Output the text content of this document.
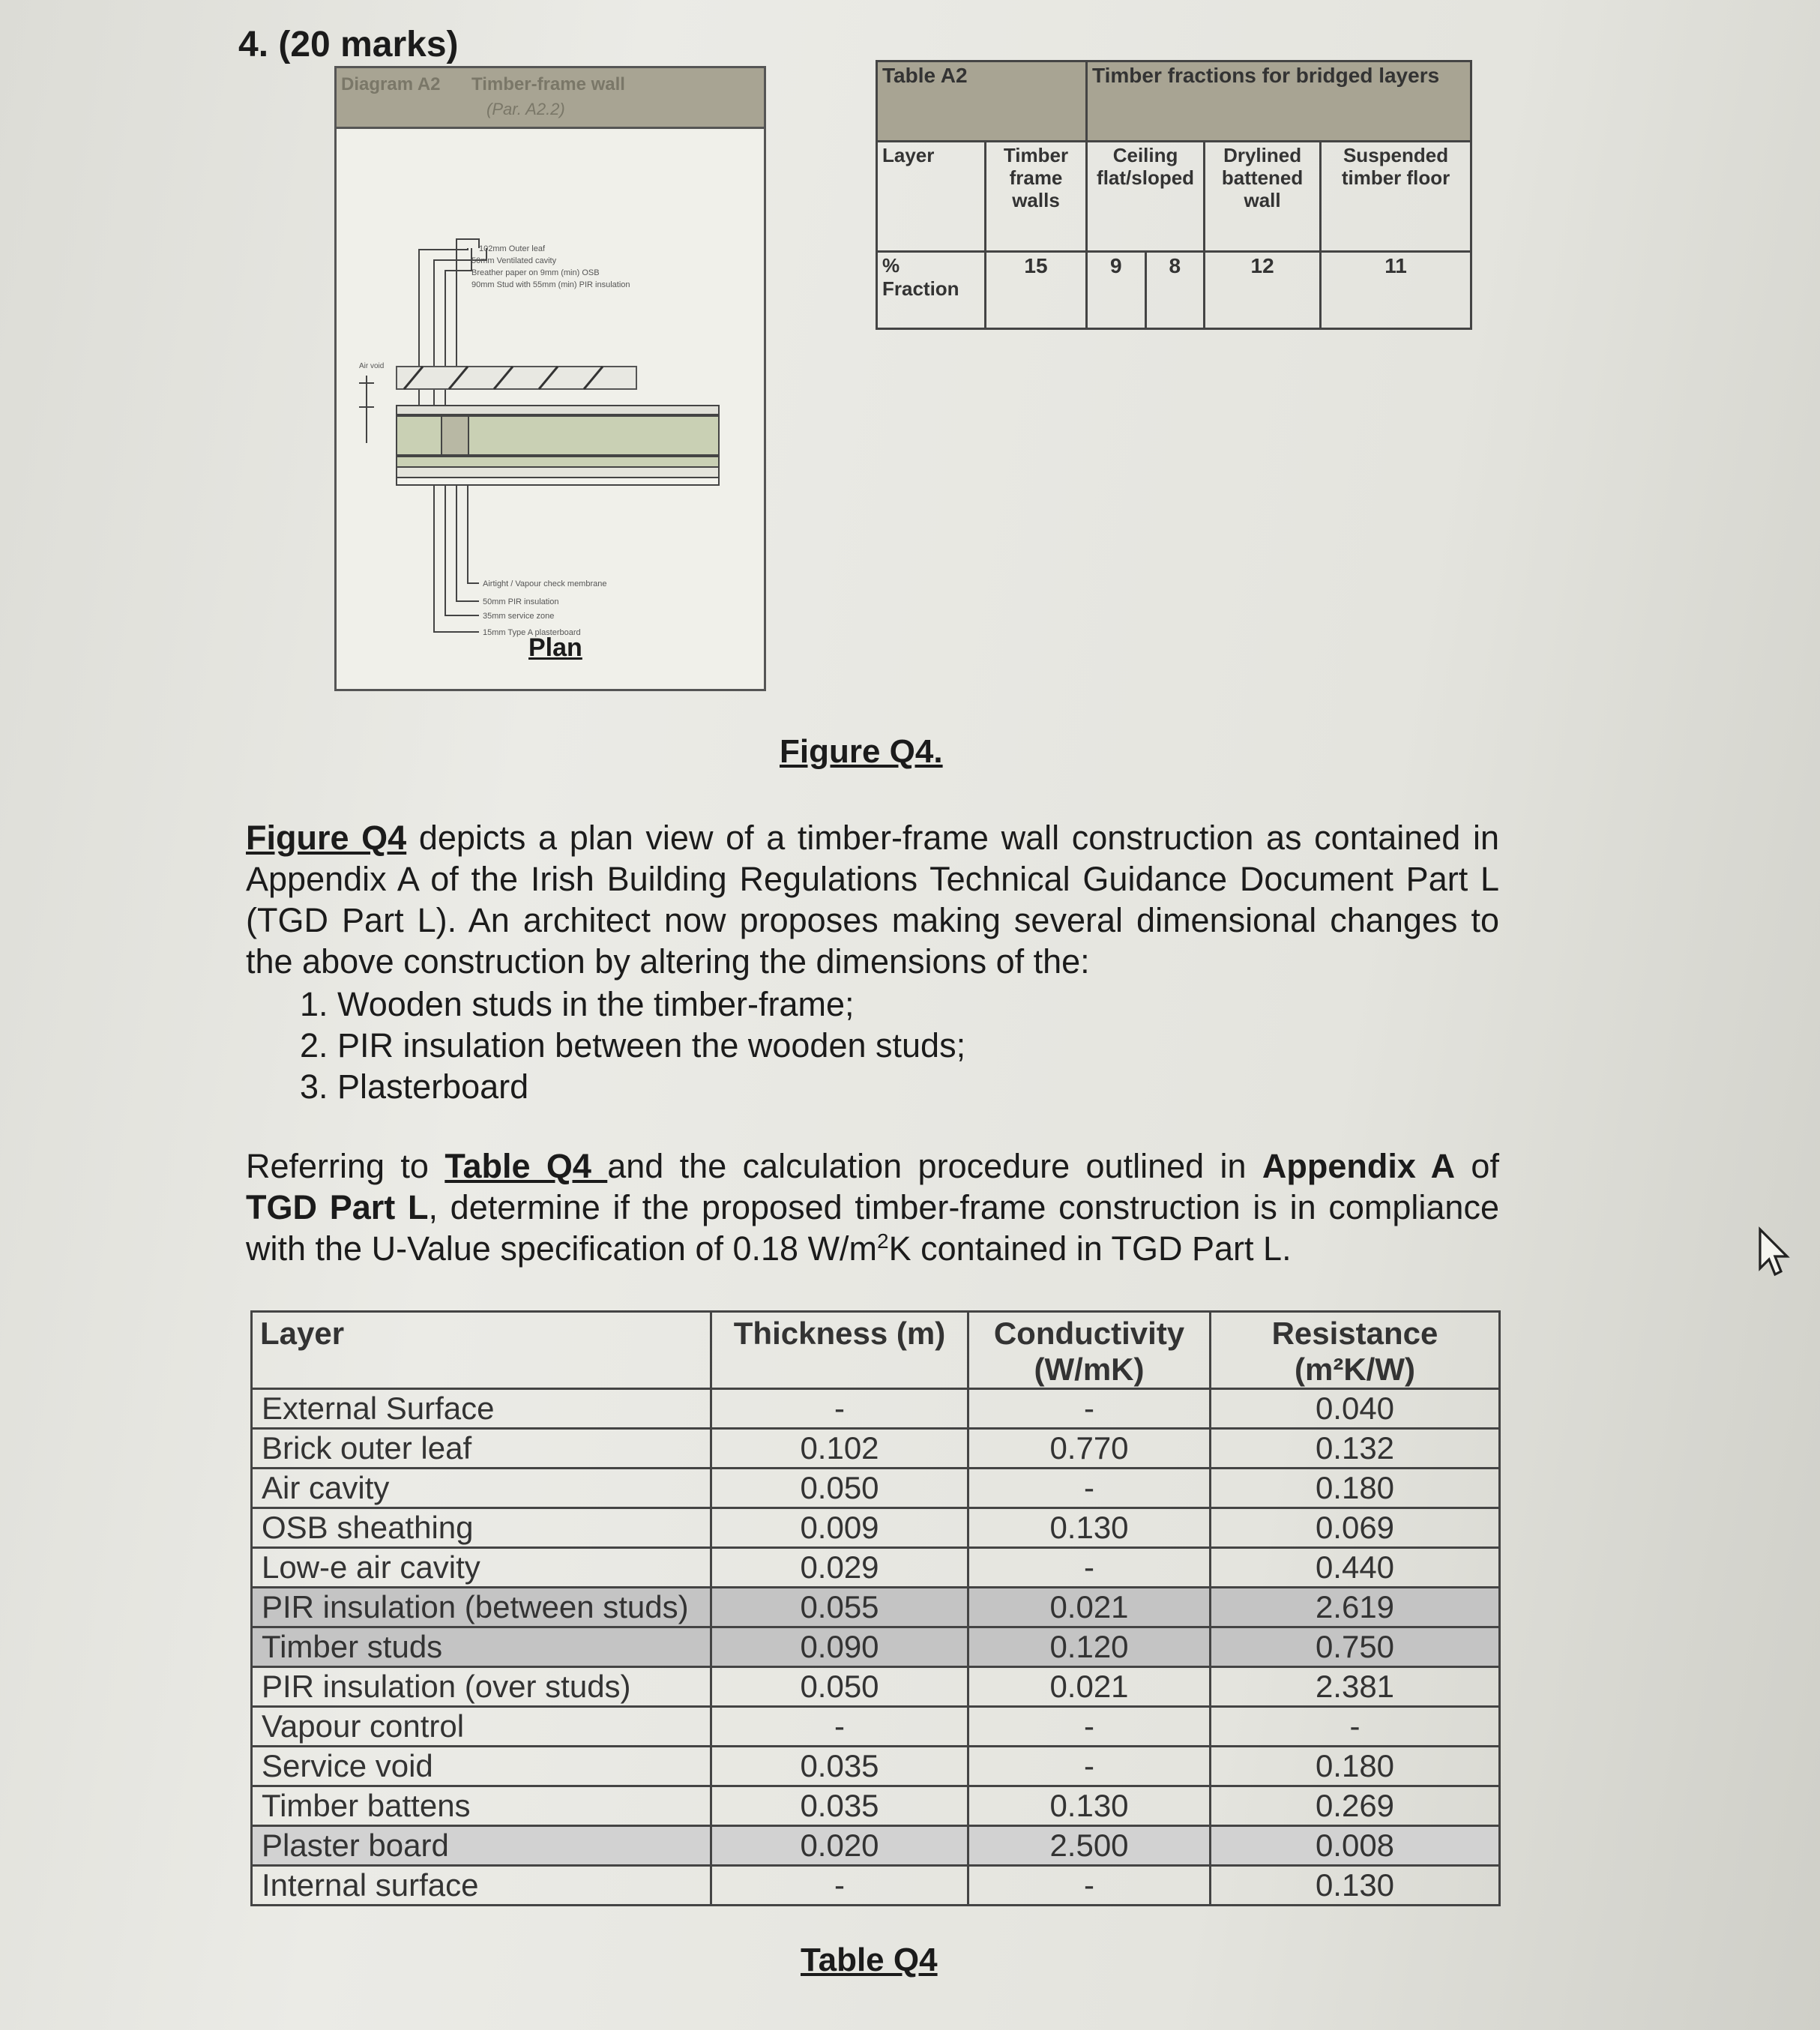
4. (20 marks)
Diagram A2 Timber-frame wall
(Par. A2.2)
102mm Outer leaf
50mm Ventilated cavity
Breather paper on 9mm (min) OSB
90mm Stud with 55mm (min) PIR insulation
Air void
Airtight / Vapour check membrane
50mm PIR insulation
35mm service zone
15mm Type A plasterboard
Plan
Table A2		Timber fractions for bridged layers			
Layer	Timber frame walls	Ceiling flat/sloped		Drylined battened wall	Suspended timber floor
% Fraction	15	9	8	12	11
Figure Q4.
Figure Q4 depicts a plan view of a timber-frame wall construction as contained in Appendix A of the Irish Building Regulations Technical Guidance Document Part L (TGD Part L). An architect now proposes making several dimensional changes to the above construction by altering the dimensions of the:
1. Wooden studs in the timber-frame;
2. PIR insulation between the wooden studs;
3. Plasterboard
Referring to Table Q4 and the calculation procedure outlined in Appendix A of TGD Part L, determine if the proposed timber-frame construction is in compliance with the U-Value specification of 0.18 $W/m^2K$ contained in TGD Part L.
Layer	Thickness (m)	Conductivity (W/mK)	Resistance (m²K/W)
External Surface	-	-	0.040
Brick outer leaf	0.102	0.770	0.132
Air cavity	0.050	-	0.180
OSB sheathing	0.009	0.130	0.069
Low-e air cavity	0.029	-	0.440
PIR insulation (between studs)	0.055	0.021	2.619
Timber studs	0.090	0.120	0.750
PIR insulation (over studs)	0.050	0.021	2.381
Vapour control	-	-	-
Service void	0.035	-	0.180
Timber battens	0.035	0.130	0.269
Plaster board	0.020	2.500	0.008
Internal surface	-	-	0.130
Table Q4
